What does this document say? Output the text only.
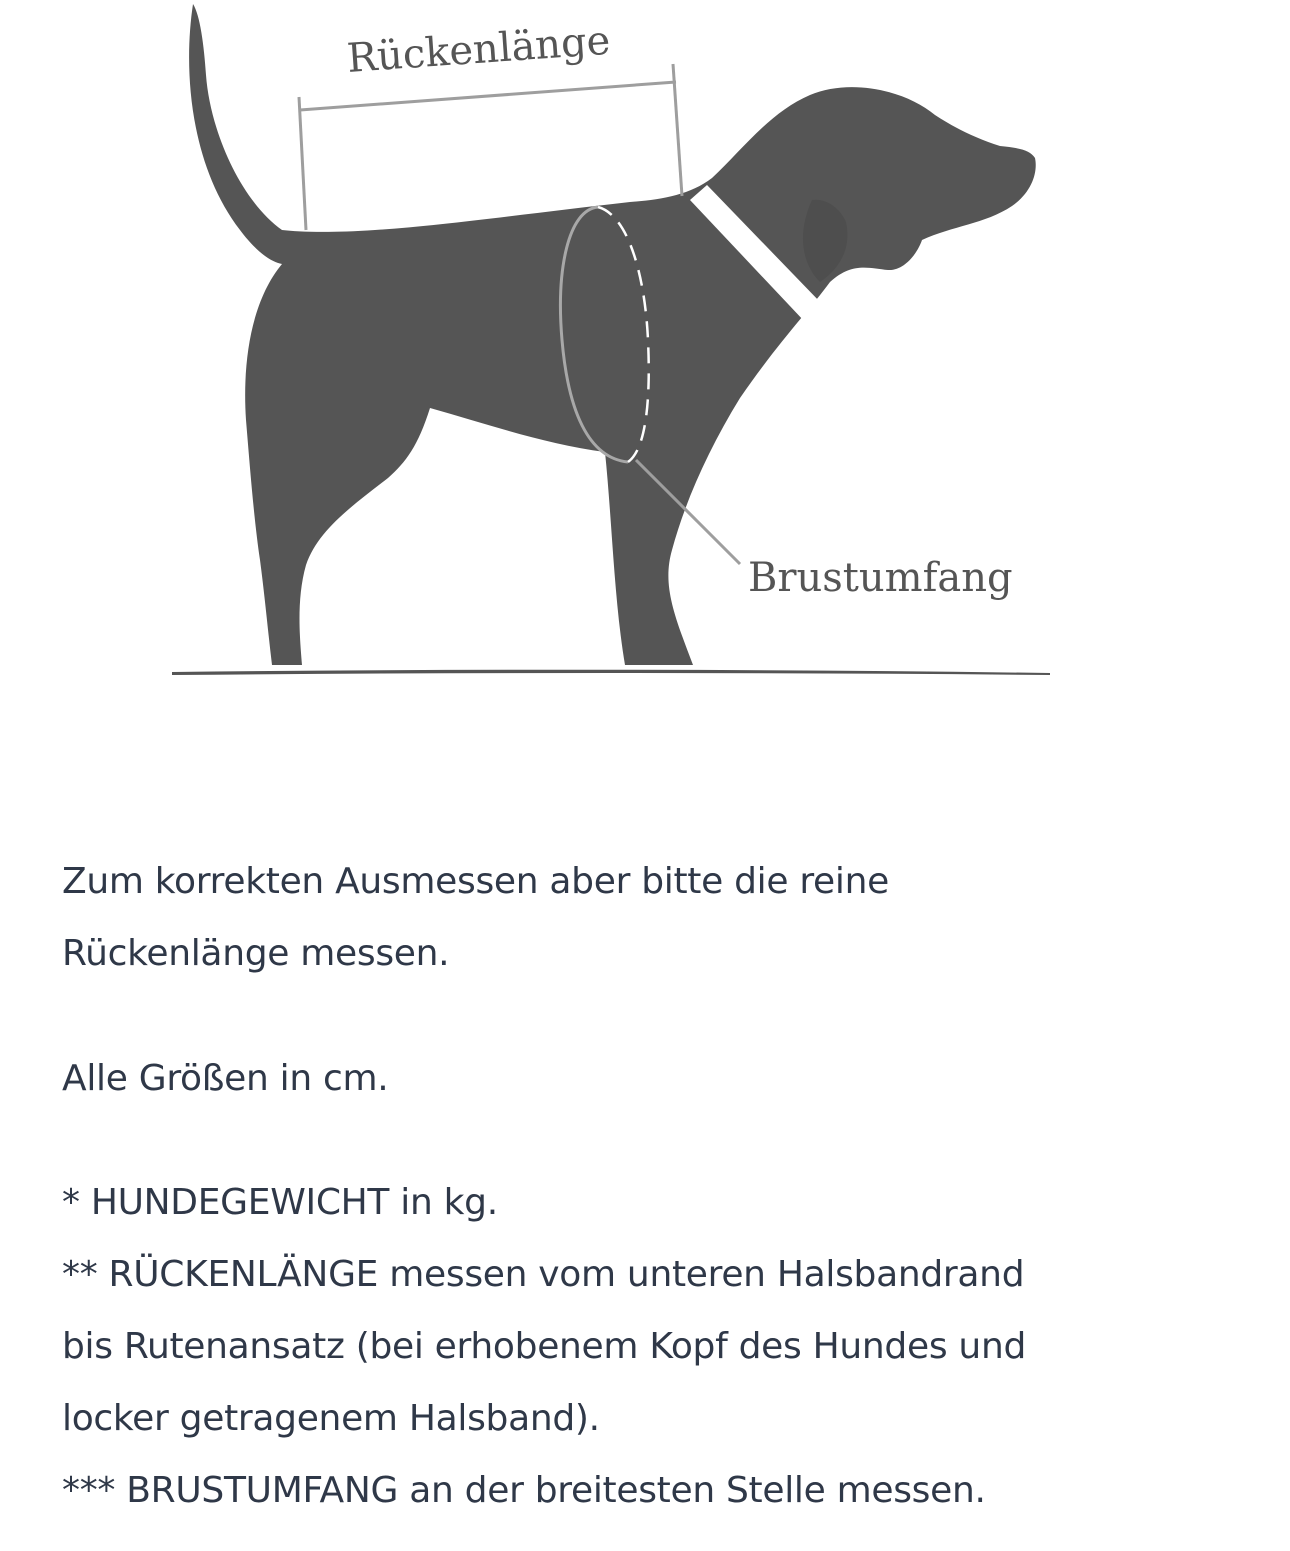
Rückenlänge
Brustumfang

Zum korrekten Ausmessen aber bitte die reine

Rückenlänge messen.

Alle Größen in cm.

* HUNDEGEWICHT in kg.

** RÜCKENLÄNGE messen vom unteren Halsbandrand

bis Rutenansatz (bei erhobenem Kopf des Hundes und

locker getragenem Halsband).

*** BRUSTUMFANG an der breitesten Stelle messen.
